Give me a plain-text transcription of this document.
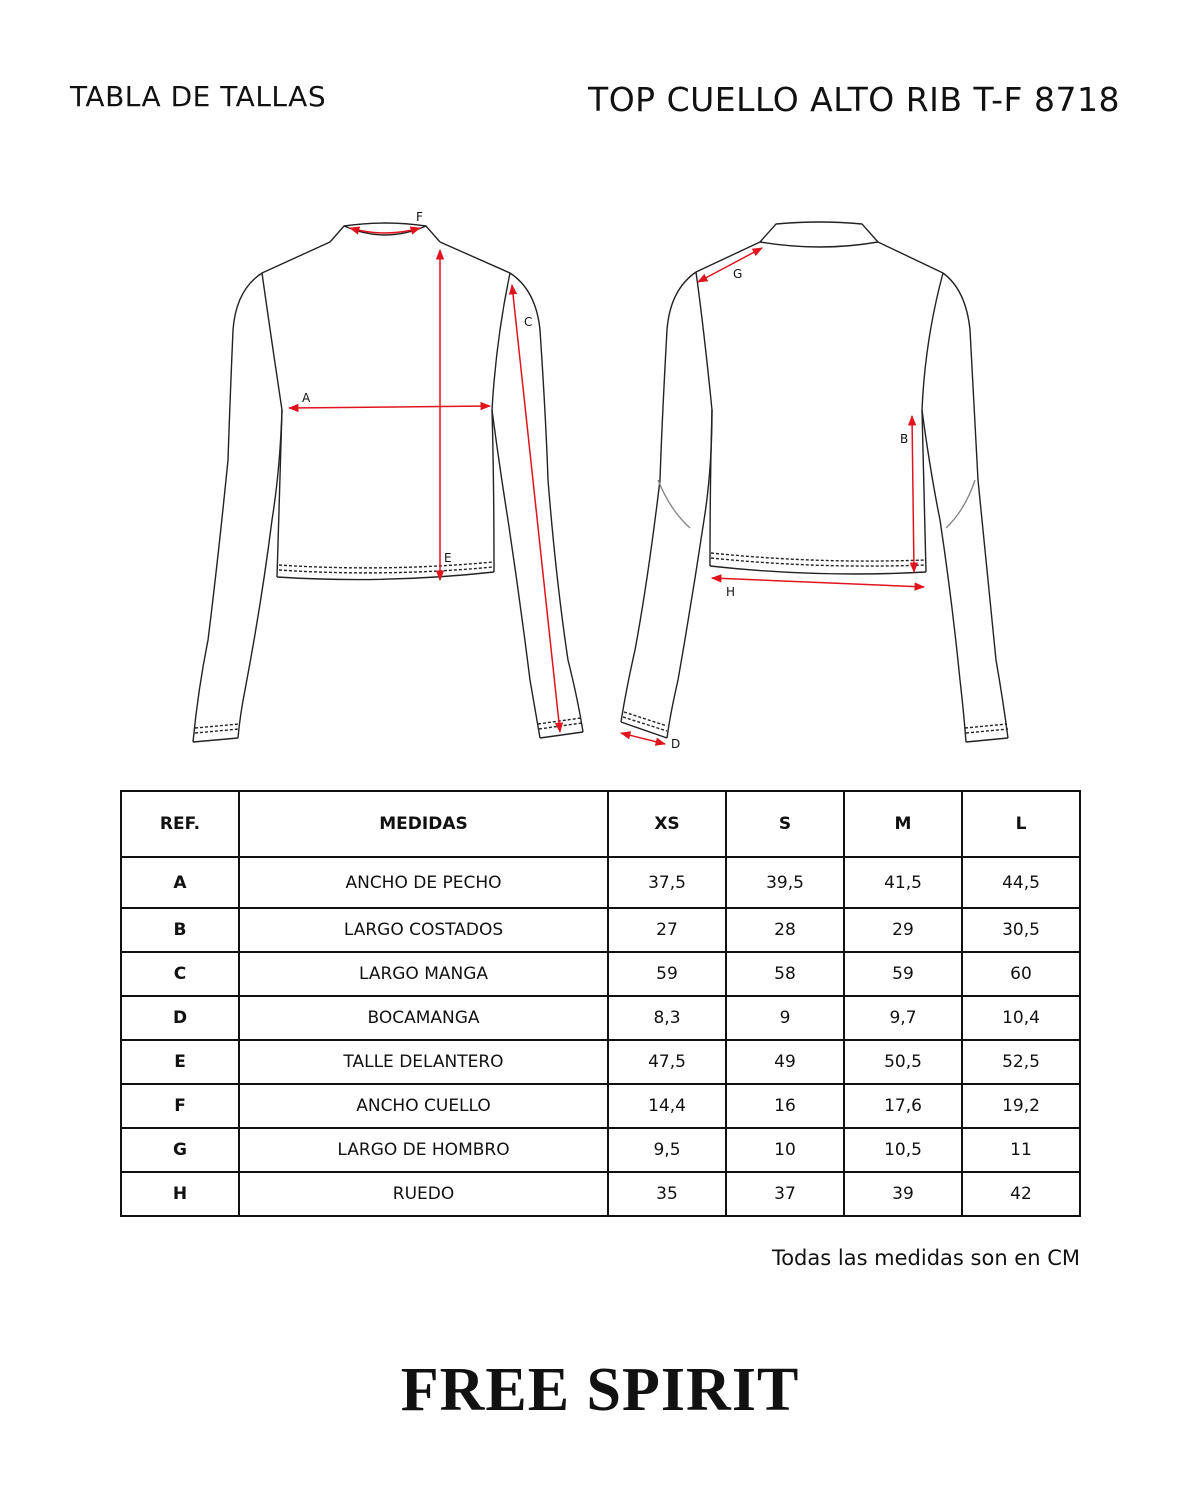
TABLA DE TALLAS	TOP CUELLO ALTO RIB T-F 8718
A
B
C
D
E
F
G
H
REF.	MEDIDAS	XS	S	M	L
A	ANCHO DE PECHO	37,5	39,5	41,5	44,5
B	LARGO COSTADOS	27	28	29	30,5
C	LARGO MANGA	59	58	59	60
D	BOCAMANGA	8,3	9	9,7	10,4
E	TALLE DELANTERO	47,5	49	50,5	52,5
F	ANCHO CUELLO	14,4	16	17,6	19,2
G	LARGO DE HOMBRO	9,5	10	10,5	11
H	RUEDO	35	37	39	42
Todas las medidas son en CM
FREE SPIRIT
